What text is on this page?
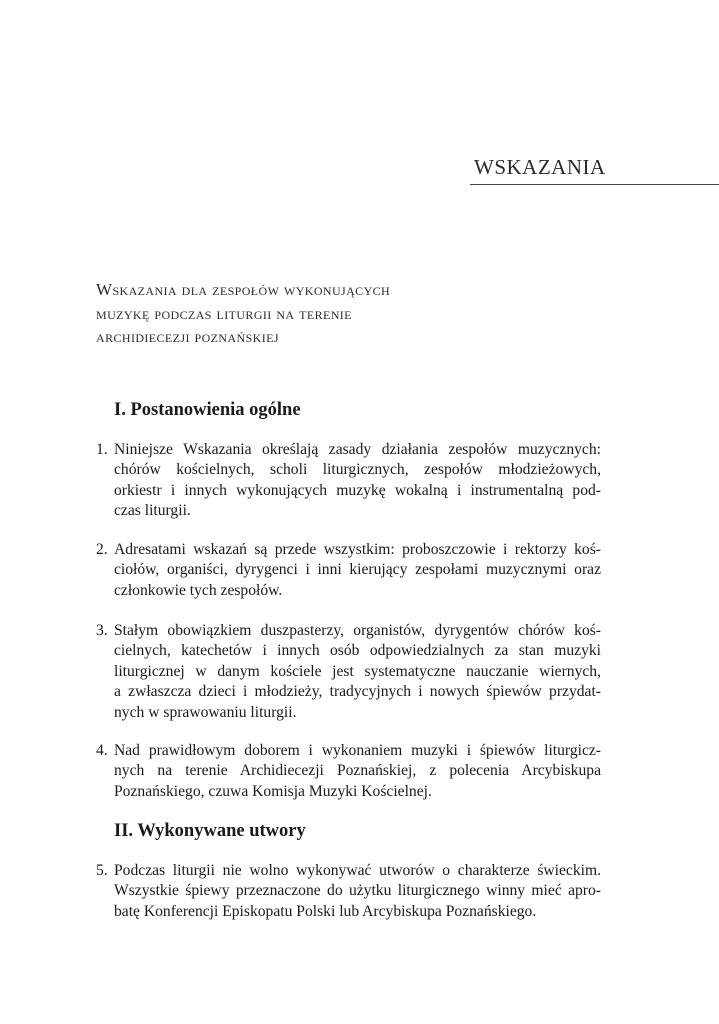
WSKAZANIA
Wskazania dla zespołów wykonujących
muzykę podczas liturgii na terenie
archidiecezji poznańskiej
I. Postanowienia ogólne
1. Niniejsze Wskazania określają zasady działania zespołów muzycznych:
chórów kościelnych, scholi liturgicznych, zespołów młodzieżowych,
orkiestr i innych wykonujących muzykę wokalną i instrumentalną pod-
czas liturgii.
2. Adresatami wskazań są przede wszystkim: proboszczowie i rektorzy koś-
ciołów, organiści, dyrygenci i inni kierujący zespołami muzycznymi oraz
członkowie tych zespołów.
3. Stałym obowiązkiem duszpasterzy, organistów, dyrygentów chórów koś-
cielnych, katechetów i innych osób odpowiedzialnych za stan muzyki
liturgicznej w danym kościele jest systematyczne nauczanie wiernych,
a zwłaszcza dzieci i młodzieży, tradycyjnych i nowych śpiewów przydat-
nych w sprawowaniu liturgii.
4. Nad prawidłowym doborem i wykonaniem muzyki i śpiewów liturgicz-
nych na terenie Archidiecezji Poznańskiej, z polecenia Arcybiskupa
Poznańskiego, czuwa Komisja Muzyki Kościelnej.
II. Wykonywane utwory
5. Podczas liturgii nie wolno wykonywać utworów o charakterze świeckim.
Wszystkie śpiewy przeznaczone do użytku liturgicznego winny mieć apro-
batę Konferencji Episkopatu Polski lub Arcybiskupa Poznańskiego.
